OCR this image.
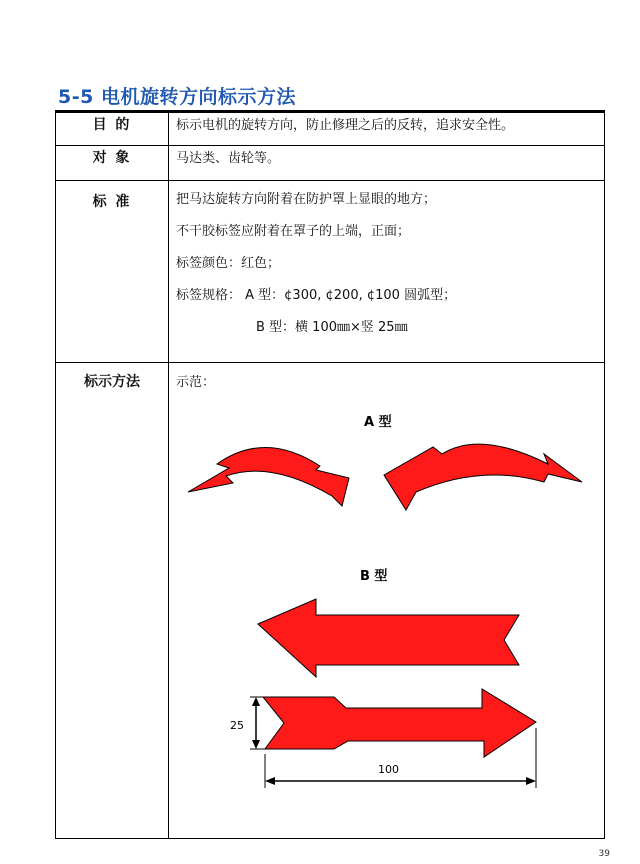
5-5 电机旋转方向标示方法
目 的	标示电机的旋转方向，防止修理之后的反转，追求安全性。
对 象	马达类、齿轮等。
标 准	把马达旋转方向附着在防护罩上显眼的地方；
不干胶标签应附着在罩子的上端，正面；
标签颜色：红色；
标签规格： A 型：¢300, ¢200, ¢100 圆弧型；
B 型：横 100㎜×竖 25㎜

标示方法	示范：
A 型
B 型
25
100
39
